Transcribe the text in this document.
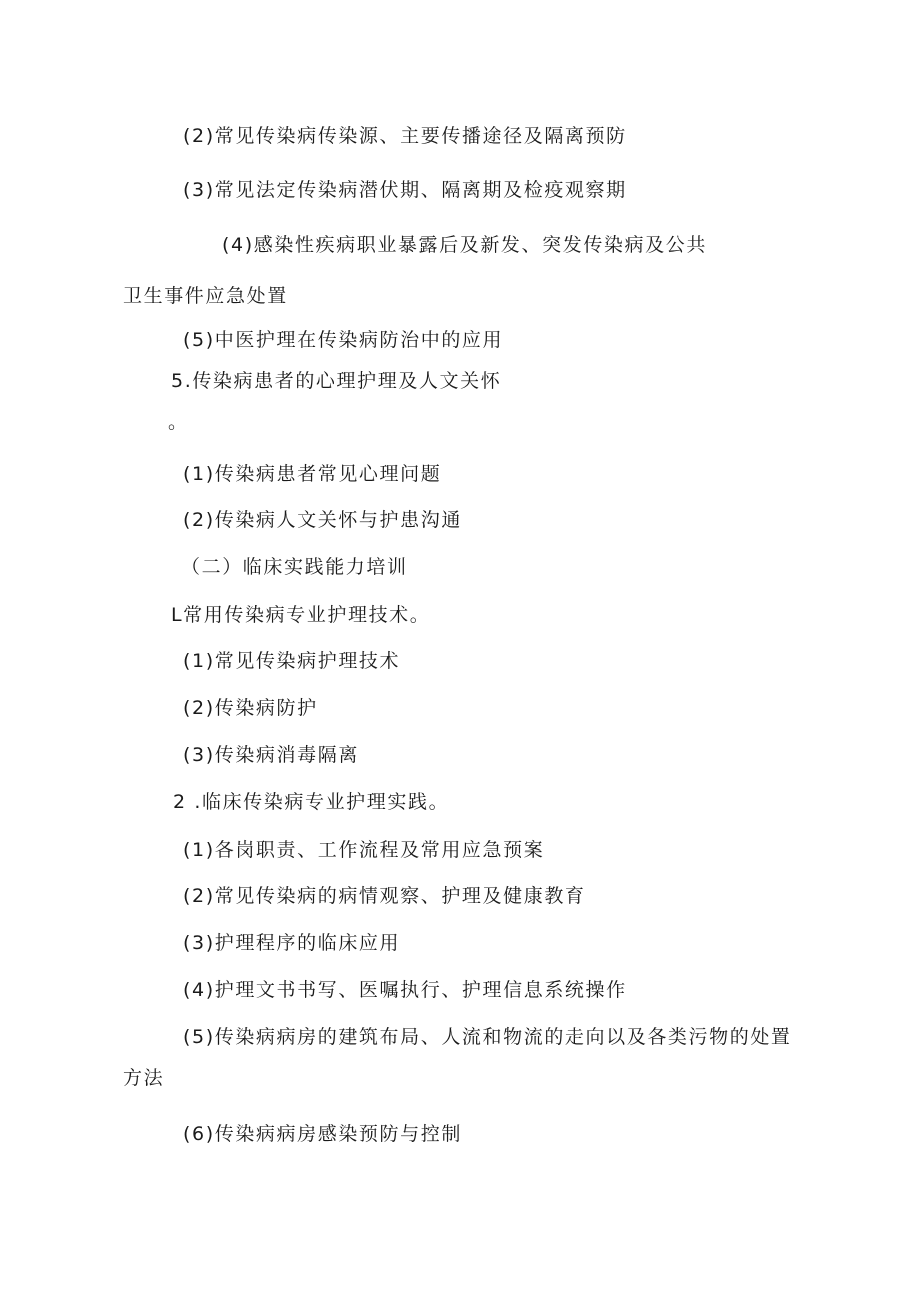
(2)常见传染病传染源、主要传播途径及隔离预防
(3)常见法定传染病潜伏期、隔离期及检疫观察期
(4)感染性疾病职业暴露后及新发、突发传染病及公共
卫生事件应急处置
(5)中医护理在传染病防治中的应用
5.传染病患者的心理护理及人文关怀
。
(1)传染病患者常见心理问题
(2)传染病人文关怀与护患沟通
（二）临床实践能力培训
L常用传染病专业护理技术。
(1)常见传染病护理技术
(2)传染病防护
(3)传染病消毒隔离
2 .临床传染病专业护理实践。
(1)各岗职责、工作流程及常用应急预案
(2)常见传染病的病情观察、护理及健康教育
(3)护理程序的临床应用
(4)护理文书书写、医嘱执行、护理信息系统操作
(5)传染病病房的建筑布局、人流和物流的走向以及各类污物的处置
方法
(6)传染病病房感染预防与控制
